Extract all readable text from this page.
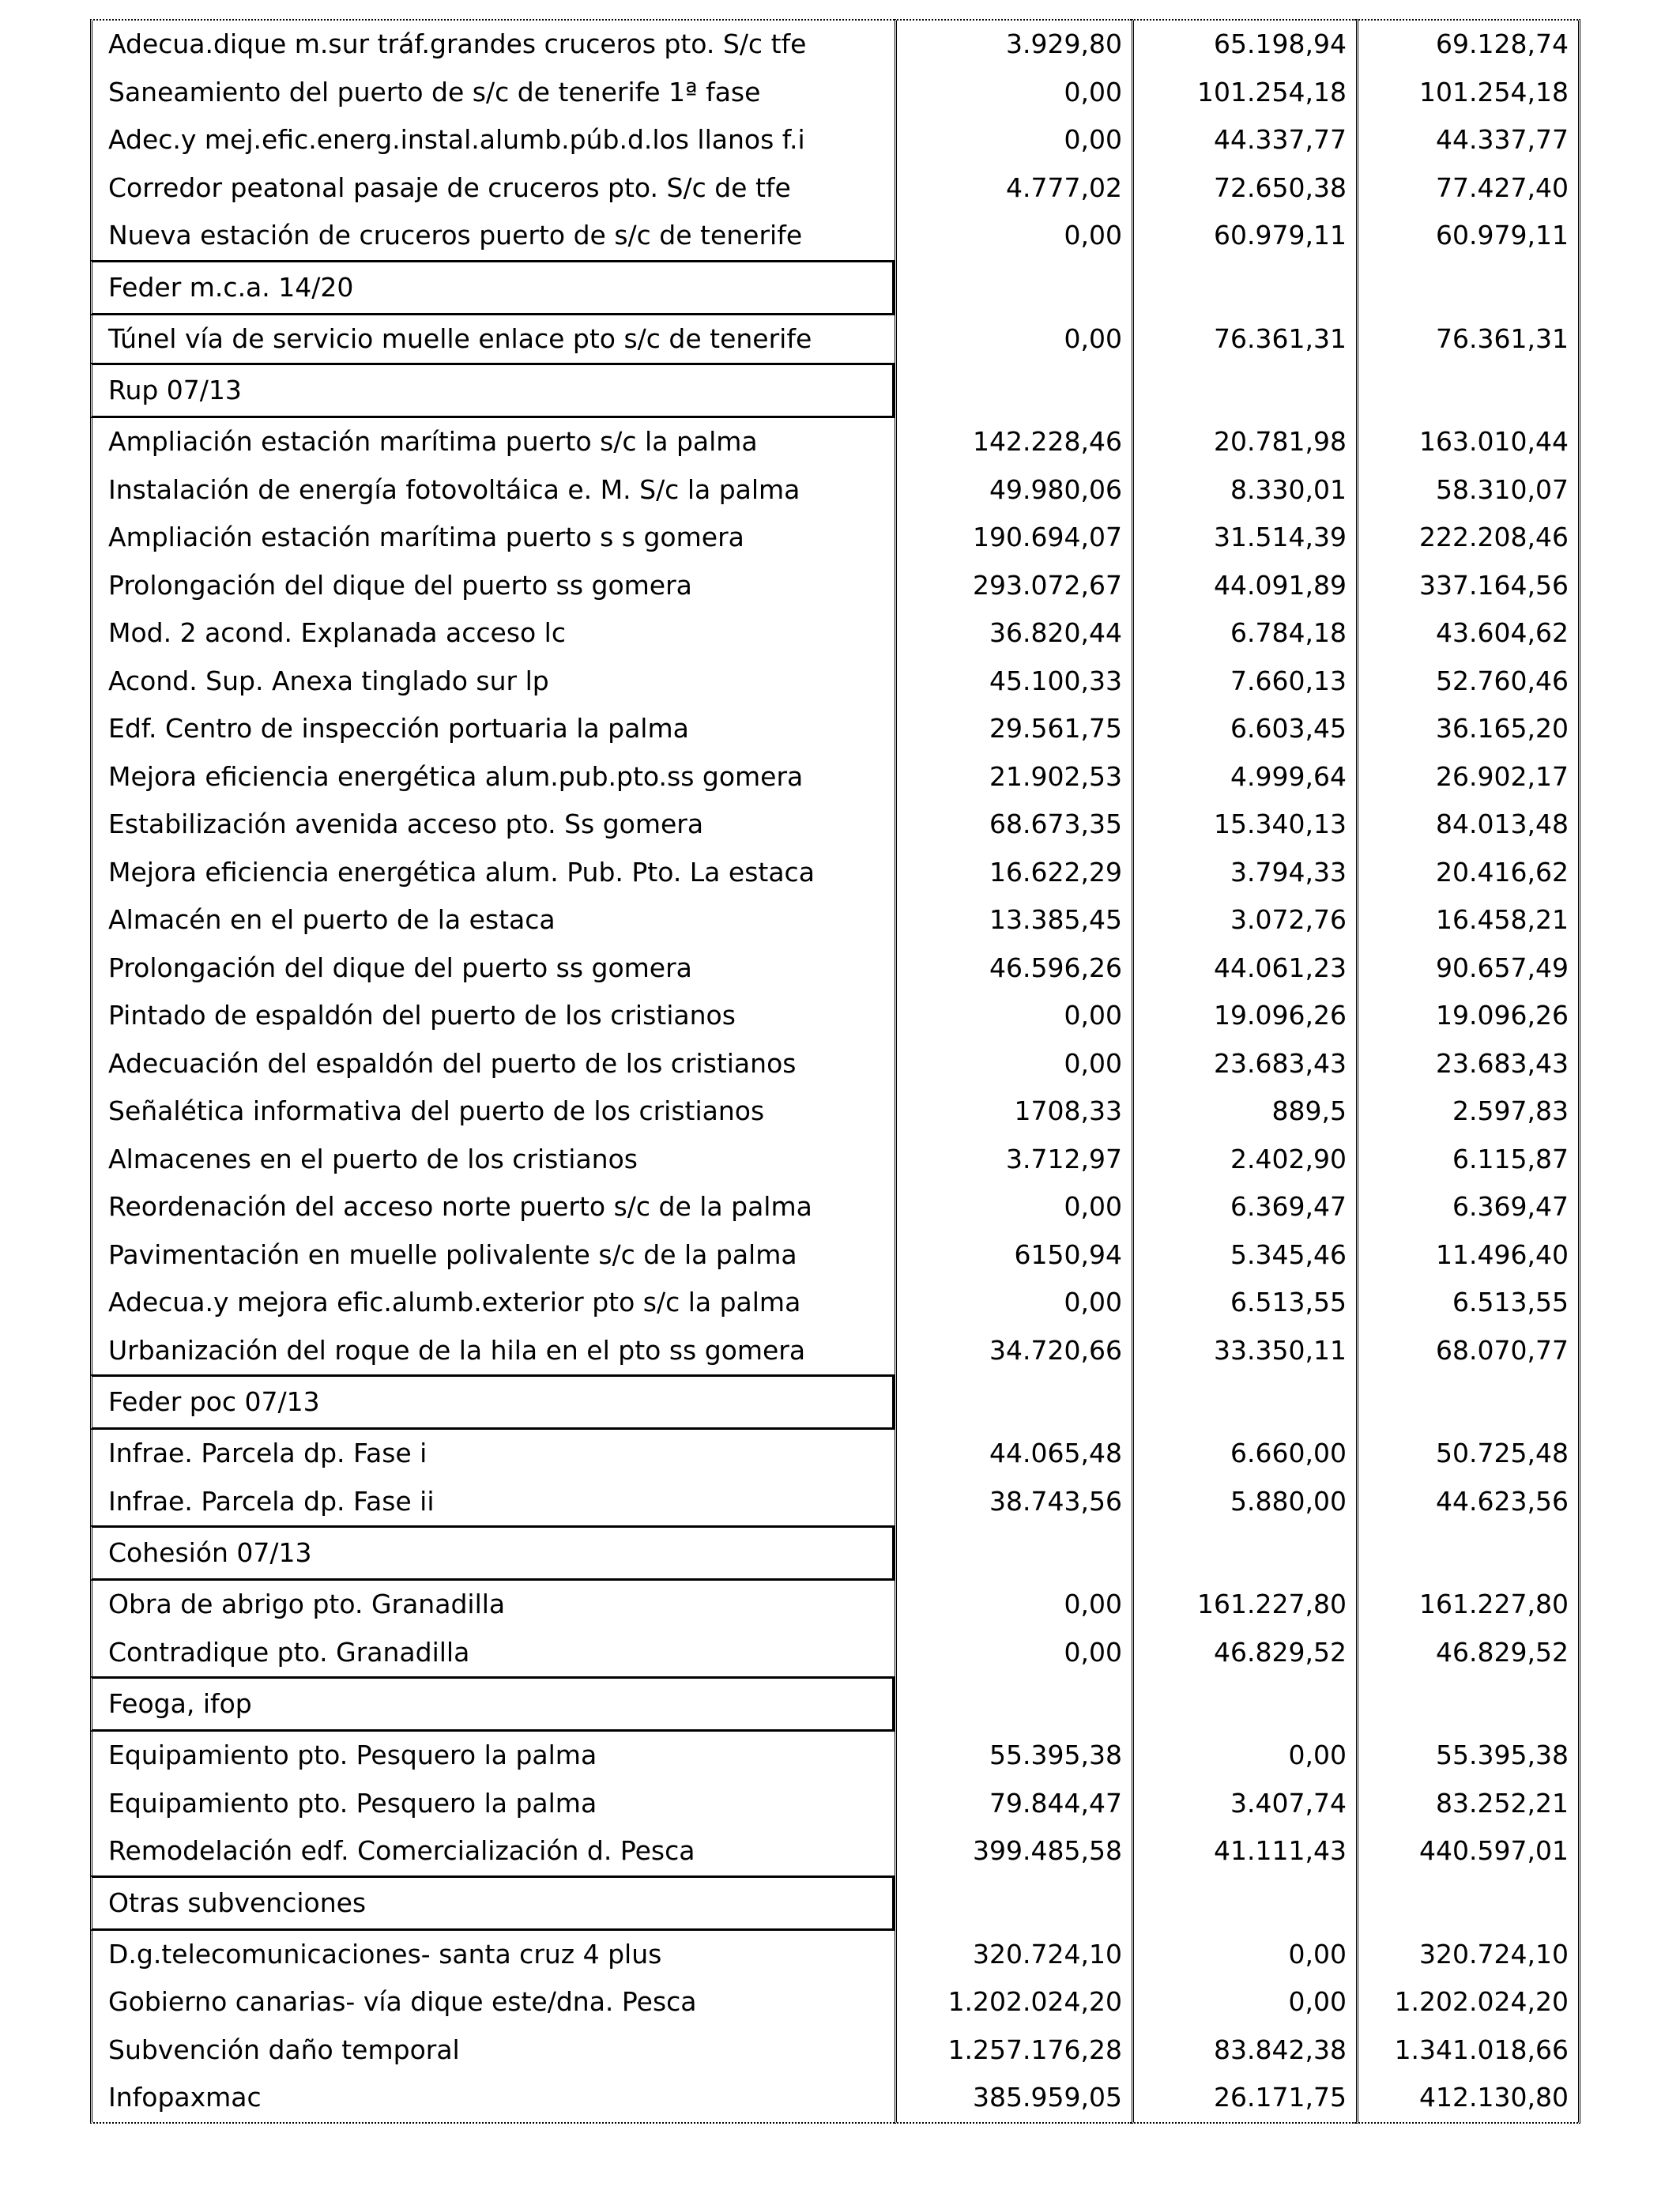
Adecua.dique m.sur tráf.grandes cruceros pto. S/c tfe	3.929,80	65.198,94	69.128,74
Saneamiento del puerto de s/c de tenerife 1ª fase	0,00	101.254,18	101.254,18
Adec.y mej.efic.energ.instal.alumb.púb.d.los llanos f.i	0,00	44.337,77	44.337,77
Corredor peatonal pasaje de cruceros pto. S/c de tfe	4.777,02	72.650,38	77.427,40
Nueva estación de cruceros puerto de s/c de tenerife	0,00	60.979,11	60.979,11
Feder m.c.a. 14/20			
Túnel vía de servicio muelle enlace pto s/c de tenerife	0,00	76.361,31	76.361,31
Rup 07/13			
Ampliación estación marítima puerto s/c la palma	142.228,46	20.781,98	163.010,44
Instalación de energía fotovoltáica e. M. S/c la palma	49.980,06	8.330,01	58.310,07
Ampliación estación marítima puerto s s gomera	190.694,07	31.514,39	222.208,46
Prolongación del dique del puerto ss gomera	293.072,67	44.091,89	337.164,56
Mod. 2 acond. Explanada acceso lc	36.820,44	6.784,18	43.604,62
Acond. Sup. Anexa tinglado sur lp	45.100,33	7.660,13	52.760,46
Edf. Centro de inspección portuaria la palma	29.561,75	6.603,45	36.165,20
Mejora eficiencia energética alum.pub.pto.ss gomera	21.902,53	4.999,64	26.902,17
Estabilización avenida acceso pto. Ss gomera	68.673,35	15.340,13	84.013,48
Mejora eficiencia energética alum. Pub. Pto. La estaca	16.622,29	3.794,33	20.416,62
Almacén en el puerto de la estaca	13.385,45	3.072,76	16.458,21
Prolongación del dique del puerto ss gomera	46.596,26	44.061,23	90.657,49
Pintado de espaldón del puerto de los cristianos	0,00	19.096,26	19.096,26
Adecuación del espaldón del puerto de los cristianos	0,00	23.683,43	23.683,43
Señalética informativa del puerto de los cristianos	1708,33	889,5	2.597,83
Almacenes en el puerto de los cristianos	3.712,97	2.402,90	6.115,87
Reordenación del acceso norte puerto s/c de la palma	0,00	6.369,47	6.369,47
Pavimentación en muelle polivalente s/c de la palma	6150,94	5.345,46	11.496,40
Adecua.y mejora efic.alumb.exterior pto s/c la palma	0,00	6.513,55	6.513,55
Urbanización del roque de la hila en el pto ss gomera	34.720,66	33.350,11	68.070,77
Feder poc 07/13			
Infrae. Parcela dp. Fase i	44.065,48	6.660,00	50.725,48
Infrae. Parcela dp. Fase ii	38.743,56	5.880,00	44.623,56
Cohesión 07/13			
Obra de abrigo pto. Granadilla	0,00	161.227,80	161.227,80
Contradique pto. Granadilla	0,00	46.829,52	46.829,52
Feoga, ifop			
Equipamiento pto. Pesquero la palma	55.395,38	0,00	55.395,38
Equipamiento pto. Pesquero la palma	79.844,47	3.407,74	83.252,21
Remodelación edf. Comercialización d. Pesca	399.485,58	41.111,43	440.597,01
Otras subvenciones			
D.g.telecomunicaciones- santa cruz 4 plus	320.724,10	0,00	320.724,10
Gobierno canarias- vía dique este/dna. Pesca	1.202.024,20	0,00	1.202.024,20
Subvención daño temporal	1.257.176,28	83.842,38	1.341.018,66
Infopaxmac	385.959,05	26.171,75	412.130,80
